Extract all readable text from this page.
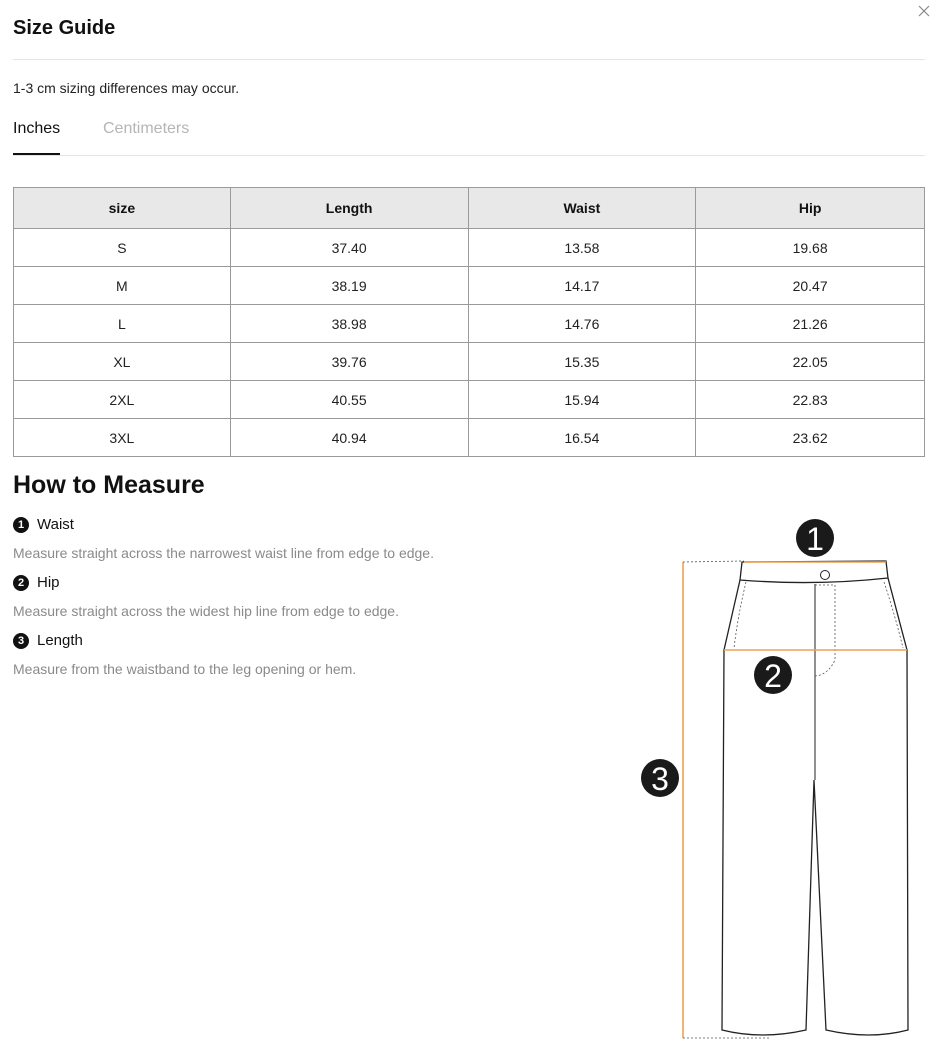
Size Guide
1-3 cm sizing differences may occur.
Inches	Centimeters
size	Length	Waist	Hip
S	37.40	13.58	19.68
M	38.19	14.17	20.47
L	38.98	14.76	21.26
XL	39.76	15.35	22.05
2XL	40.55	15.94	22.83
3XL	40.94	16.54	23.62
How to Measure
1 Waist
Measure straight across the narrowest waist line from edge to edge.
2 Hip
Measure straight across the widest hip line from edge to edge.
3 Length
Measure from the waistband to the leg opening or hem.
1
2
3
